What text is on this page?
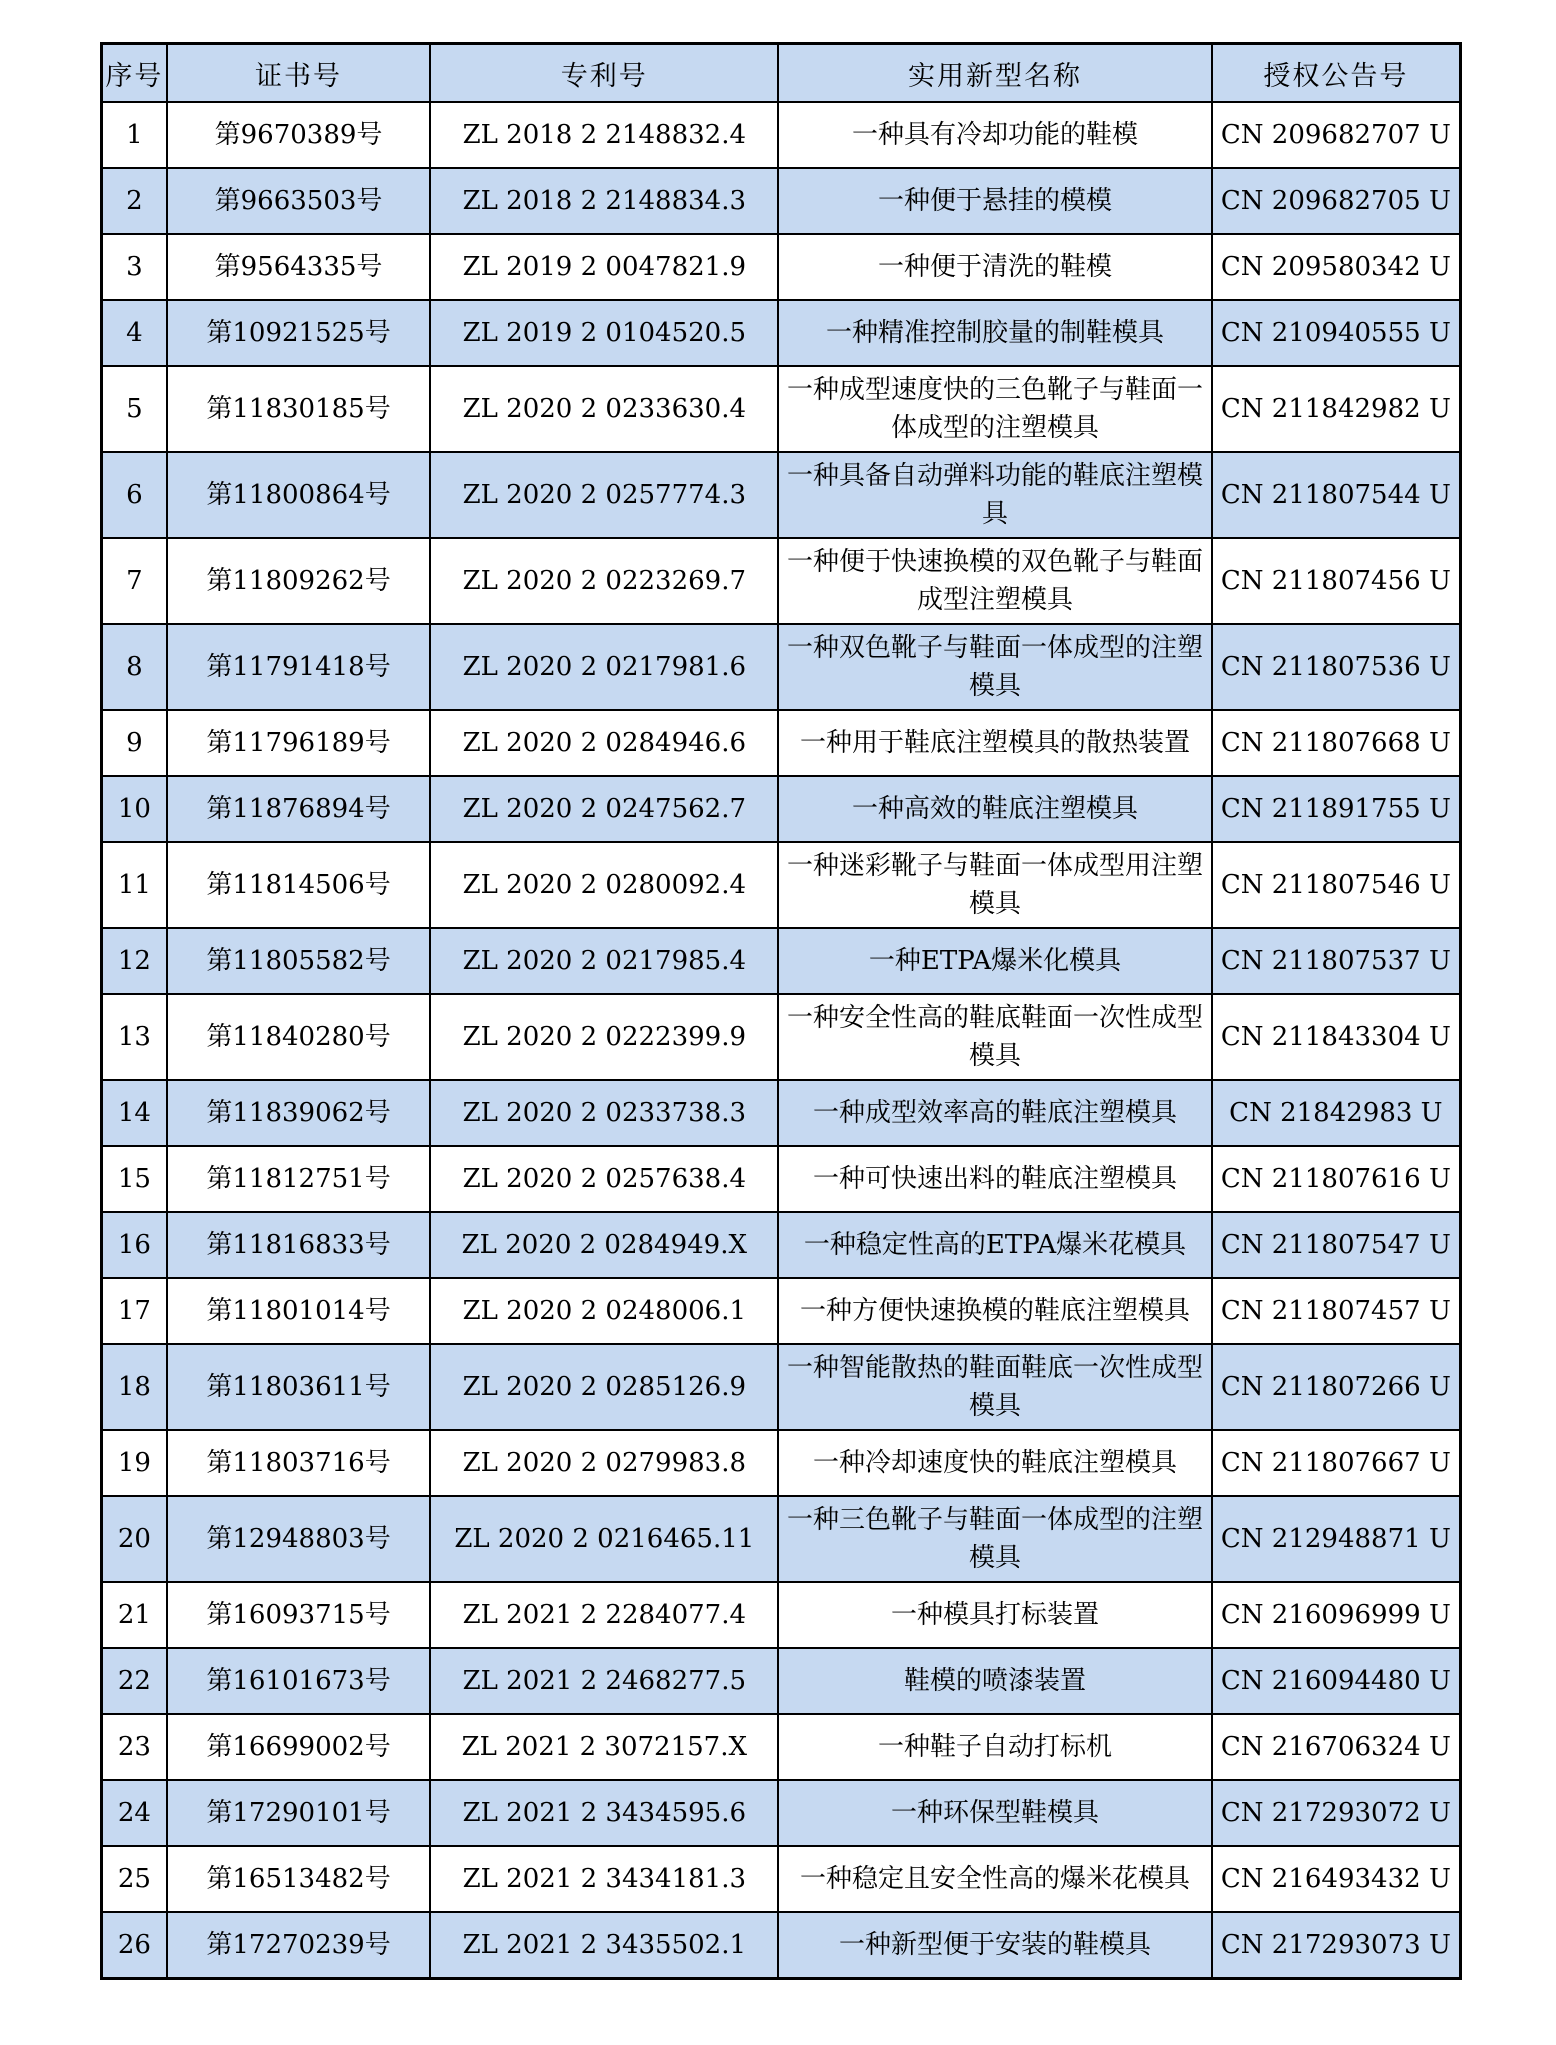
序号	证书号	专利号	实用新型名称	授权公告号
1	第9670389号	ZL 2018 2 2148832.4	一种具有冷却功能的鞋模	CN 209682707 U
2	第9663503号	ZL 2018 2 2148834.3	一种便于悬挂的模模	CN 209682705 U
3	第9564335号	ZL 2019 2 0047821.9	一种便于清洗的鞋模	CN 209580342 U
4	第10921525号	ZL 2019 2 0104520.5	一种精准控制胶量的制鞋模具	CN 210940555 U
5	第11830185号	ZL 2020 2 0233630.4	一种成型速度快的三色靴子与鞋面一体成型的注塑模具	CN 211842982 U
6	第11800864号	ZL 2020 2 0257774.3	一种具备自动弹料功能的鞋底注塑模具	CN 211807544 U
7	第11809262号	ZL 2020 2 0223269.7	一种便于快速换模的双色靴子与鞋面成型注塑模具	CN 211807456 U
8	第11791418号	ZL 2020 2 0217981.6	一种双色靴子与鞋面一体成型的注塑模具	CN 211807536 U
9	第11796189号	ZL 2020 2 0284946.6	一种用于鞋底注塑模具的散热装置	CN 211807668 U
10	第11876894号	ZL 2020 2 0247562.7	一种高效的鞋底注塑模具	CN 211891755 U
11	第11814506号	ZL 2020 2 0280092.4	一种迷彩靴子与鞋面一体成型用注塑模具	CN 211807546 U
12	第11805582号	ZL 2020 2 0217985.4	一种ETPA爆米化模具	CN 211807537 U
13	第11840280号	ZL 2020 2 0222399.9	一种安全性高的鞋底鞋面一次性成型模具	CN 211843304 U
14	第11839062号	ZL 2020 2 0233738.3	一种成型效率高的鞋底注塑模具	CN 21842983 U
15	第11812751号	ZL 2020 2 0257638.4	一种可快速出料的鞋底注塑模具	CN 211807616 U
16	第11816833号	ZL 2020 2 0284949.X	一种稳定性高的ETPA爆米花模具	CN 211807547 U
17	第11801014号	ZL 2020 2 0248006.1	一种方便快速换模的鞋底注塑模具	CN 211807457 U
18	第11803611号	ZL 2020 2 0285126.9	一种智能散热的鞋面鞋底一次性成型模具	CN 211807266 U
19	第11803716号	ZL 2020 2 0279983.8	一种冷却速度快的鞋底注塑模具	CN 211807667 U
20	第12948803号	ZL 2020 2 0216465.11	一种三色靴子与鞋面一体成型的注塑模具	CN 212948871 U
21	第16093715号	ZL 2021 2 2284077.4	一种模具打标装置	CN 216096999 U
22	第16101673号	ZL 2021 2 2468277.5	鞋模的喷漆装置	CN 216094480 U
23	第16699002号	ZL 2021 2 3072157.X	一种鞋子自动打标机	CN 216706324 U
24	第17290101号	ZL 2021 2 3434595.6	一种环保型鞋模具	CN 217293072 U
25	第16513482号	ZL 2021 2 3434181.3	一种稳定且安全性高的爆米花模具	CN 216493432 U
26	第17270239号	ZL 2021 2 3435502.1	一种新型便于安装的鞋模具	CN 217293073 U
